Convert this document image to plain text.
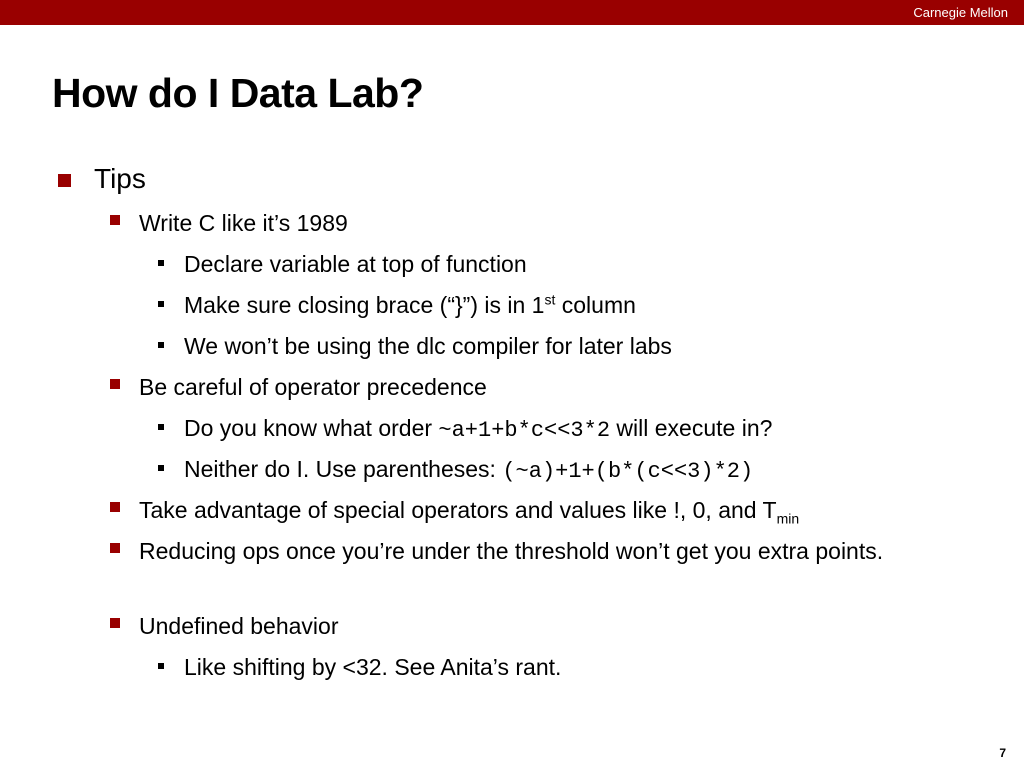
Carnegie Mellon
How do I Data Lab?
Tips
Write C like it’s 1989
Declare variable at top of function
Make sure closing brace (“}”) is in 1st column
We won’t be using the dlc compiler for later labs
Be careful of operator precedence
Do you know what order ~a+1+b*c<<3*2 will execute in?
Neither do I. Use parentheses: (~a)+1+(b*(c<<3)*2)
Take advantage of special operators and values like !, 0, and $T_{min}$
Reducing ops once you’re under the threshold won’t get you extra points.
Undefined behavior
Like shifting by <32. See Anita’s rant.
7
